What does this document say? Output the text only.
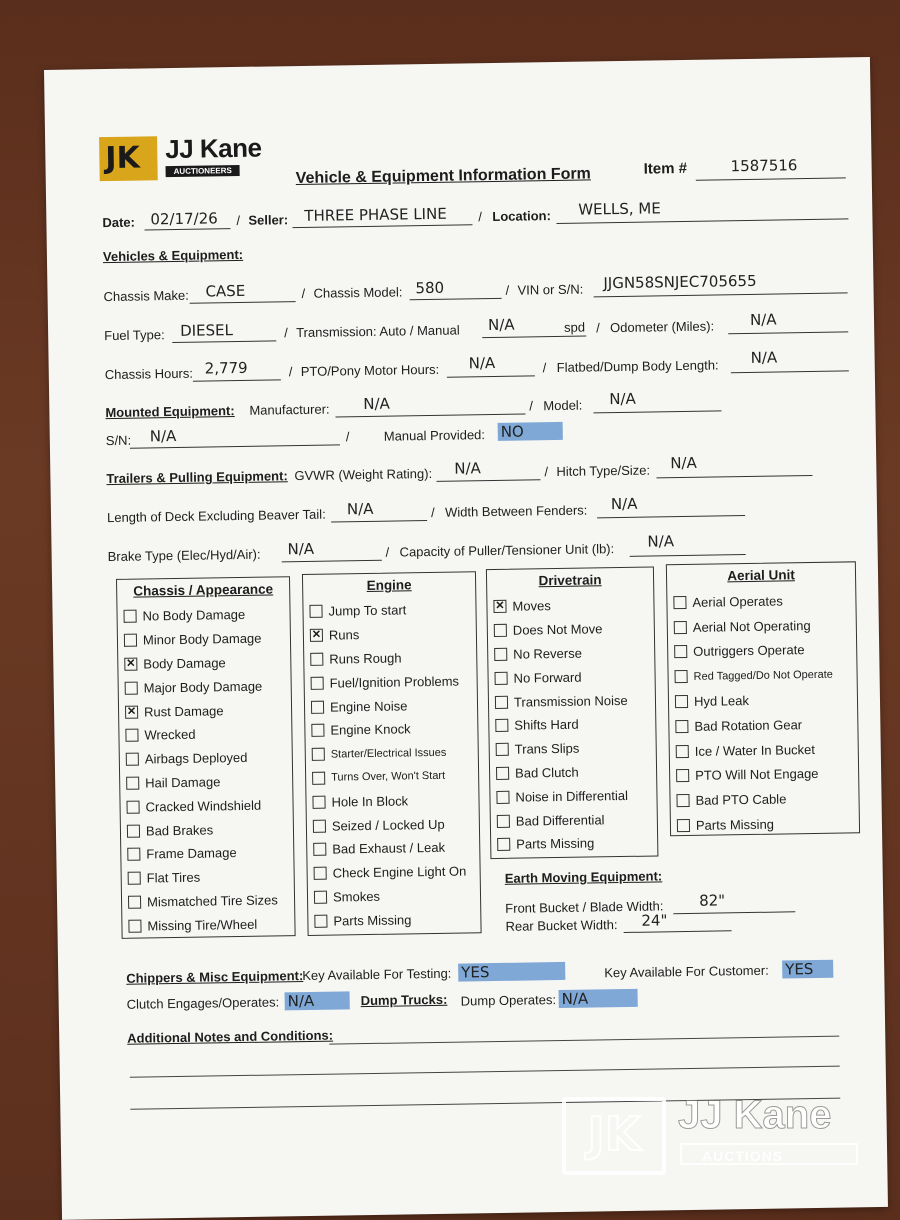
JK JJ Kane
AUCTIONEERS	Vehicle & Equipment Information Form	Item #	1587516
Date: 02/17/26 / Seller: THREE PHASE LINE / Location: WELLS, ME
Vehicles & Equipment:
Chassis Make: CASE	/ Chassis Model: 580	/ VIN or S/N: JJGN58SNJEC705655
Fuel Type: DIESEL	/ Transmission: Auto / Manual N/A	spd / Odometer (Miles): N/A
Chassis Hours: 2,779	/ PTO/Pony Motor Hours: N/A	/ Flatbed/Dump Body Length: N/A
Mounted Equipment: Manufacturer: N/A	/ Model: N/A
S/N: N/A	/	Manual Provided: NO
Trailers & Pulling Equipment: GVWR (Weight Rating): N/A	/ Hitch Type/Size: N/A
Length of Deck Excluding Beaver Tail: N/A	/ Width Between Fenders: N/A
Brake Type (Elec/Hyd/Air): N/A	/ Capacity of Puller/Tensioner Unit (lb): N/A
Chassis / Appearance
No Body Damage
Minor Body Damage
✕ Body Damage
Major Body Damage
✕ Rust Damage
Wrecked
Airbags Deployed
Hail Damage
Cracked Windshield
Bad Brakes
Frame Damage
Flat Tires
Mismatched Tire Sizes
Missing Tire/Wheel
Engine
Jump To start
✕ Runs
Runs Rough
Fuel/Ignition Problems
Engine Noise
Engine Knock
Starter/Electrical Issues
Turns Over, Won't Start
Hole In Block
Seized / Locked Up
Bad Exhaust / Leak
Check Engine Light On
Smokes
Parts Missing
Drivetrain
✕ Moves
Does Not Move
No Reverse
No Forward
Transmission Noise
Shifts Hard
Trans Slips
Bad Clutch
Noise in Differential
Bad Differential
Parts Missing
Aerial Unit
Aerial Operates
Aerial Not Operating
Outriggers Operate
Red Tagged/Do Not Operate
Hyd Leak
Bad Rotation Gear
Ice / Water In Bucket
PTO Will Not Engage
Bad PTO Cable
Parts Missing
Earth Moving Equipment:
Front Bucket / Blade Width: 82"
Rear Bucket Width: 24"
Chippers & Misc Equipment:
Key Available For Testing: YES	Key Available For Customer: YES
Clutch Engages/Operates: N/A	Dump Trucks: Dump Operates: N/A
Additional Notes and Conditions:
JK JJ Kane
AUCTIONS
